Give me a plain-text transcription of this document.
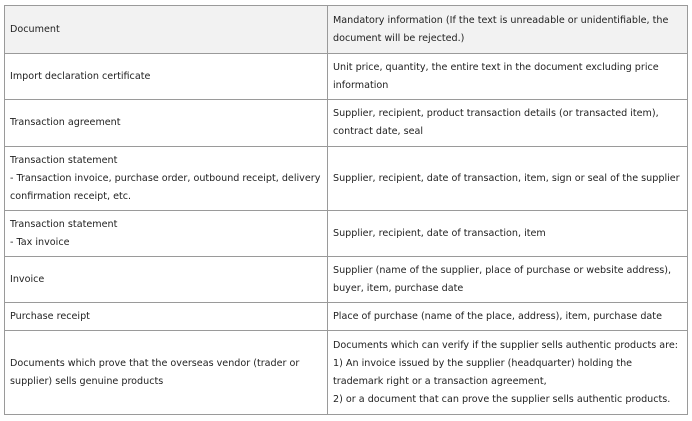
Document	Mandatory information (If the text is unreadable or unidentifiable, the document will be rejected.)
Import declaration certificate	Unit price, quantity, the entire text in the document excluding price information
Transaction agreement	Supplier, recipient, product transaction details (or transacted item), contract date, seal
Transaction statement
- Transaction invoice, purchase order, outbound receipt, delivery confirmation receipt, etc.	Supplier, recipient, date of transaction, item, sign or seal of the supplier
Transaction statement
- Tax invoice	Supplier, recipient, date of transaction, item
Invoice	Supplier (name of the supplier, place of purchase or website address), buyer, item, purchase date
Purchase receipt	Place of purchase (name of the place, address), item, purchase date
Documents which prove that the overseas vendor (trader or supplier) sells genuine products	Documents which can verify if the supplier sells authentic products are:
1) An invoice issued by the supplier (headquarter) holding the trademark right or a transaction agreement,
2) or a document that can prove the supplier sells authentic products.
